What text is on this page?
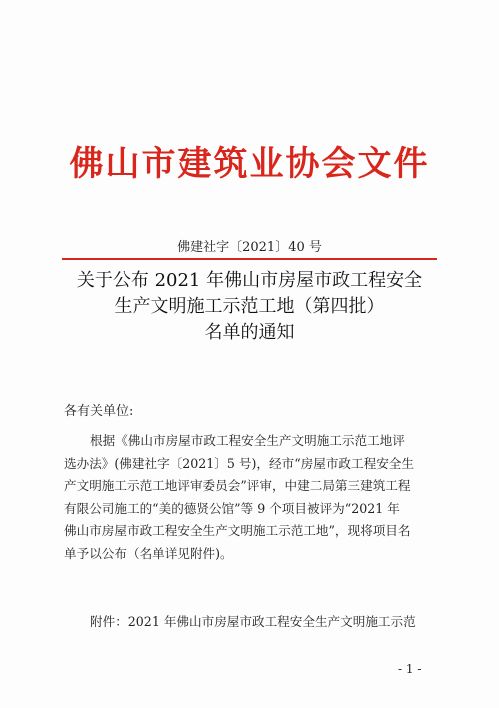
佛山市建筑业协会文件
佛建社字〔2021〕40 号
关于公布 2021 年佛山市房屋市政工程安全
生产文明施工示范工地（第四批）
名单的通知
各有关单位:
根据《佛山市房屋市政工程安全生产文明施工示范工地评
选办法》(佛建社字〔2021〕5 号)，经市“房屋市政工程安全生
产文明施工示范工地评审委员会”评审，中建二局第三建筑工程
有限公司施工的“美的德贤公馆”等 9 个项目被评为“2021 年
佛山市房屋市政工程安全生产文明施工示范工地”，现将项目名
单予以公布（名单详见附件)。
附件：2021 年佛山市房屋市政工程安全生产文明施工示范
- 1 -
